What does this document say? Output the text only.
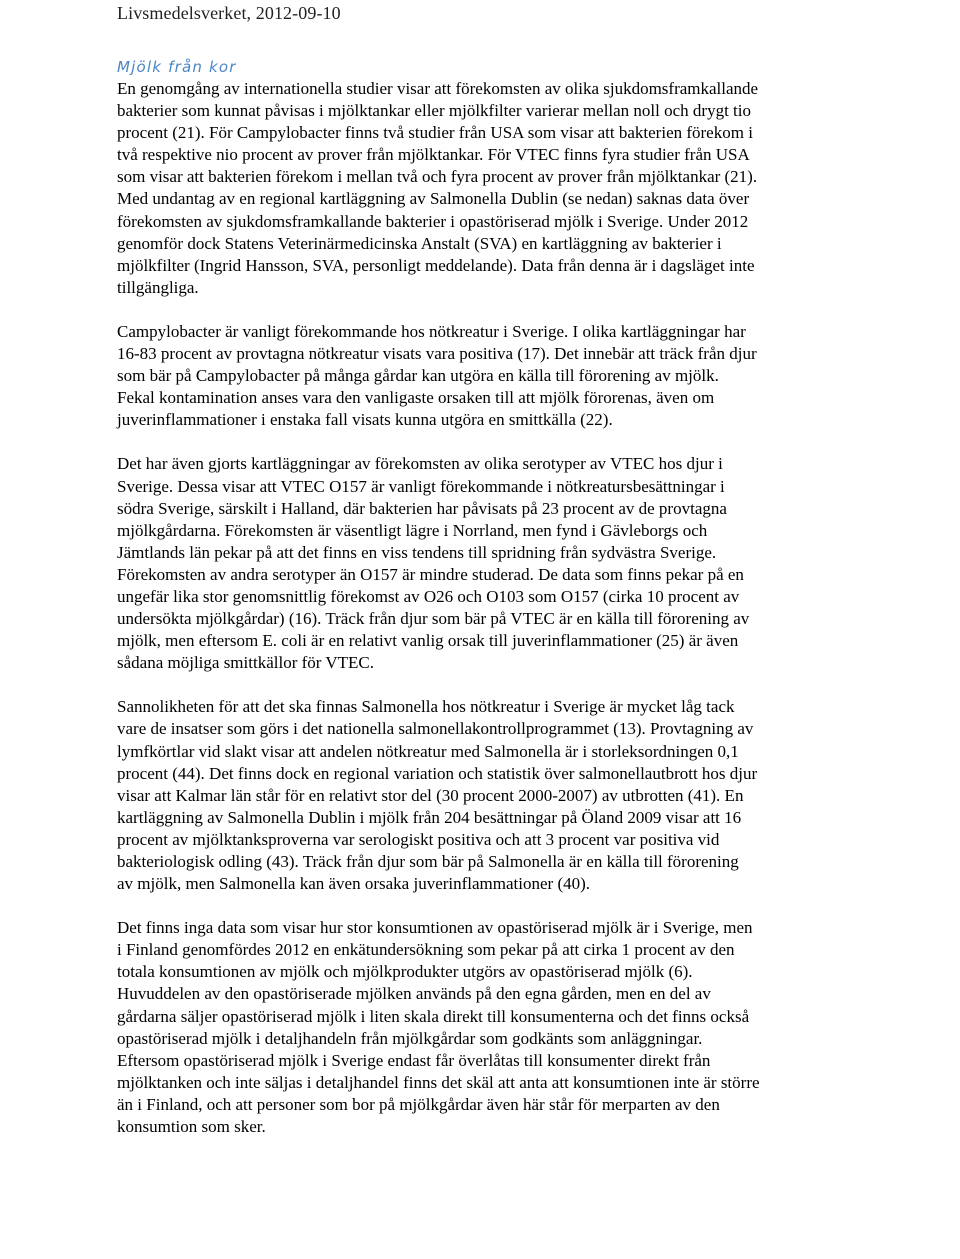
Livsmedelsverket, 2012-09-10
Mjölk från kor

En genomgång av internationella studier visar att förekomsten av olika sjukdomsframkallande
bakterier som kunnat påvisas i mjölktankar eller mjölkfilter varierar mellan noll och drygt tio
procent (21). För Campylobacter finns två studier från USA som visar att bakterien förekom i
två respektive nio procent av prover från mjölktankar. För VTEC finns fyra studier från USA
som visar att bakterien förekom i mellan två och fyra procent av prover från mjölktankar (21).
Med undantag av en regional kartläggning av Salmonella Dublin (se nedan) saknas data över
förekomsten av sjukdomsframkallande bakterier i opastöriserad mjölk i Sverige. Under 2012
genomför dock Statens Veterinärmedicinska Anstalt (SVA) en kartläggning av bakterier i
mjölkfilter (Ingrid Hansson, SVA, personligt meddelande). Data från denna är i dagsläget inte
tillgängliga.

Campylobacter är vanligt förekommande hos nötkreatur i Sverige. I olika kartläggningar har
16-83 procent av provtagna nötkreatur visats vara positiva (17). Det innebär att träck från djur
som bär på Campylobacter på många gårdar kan utgöra en källa till förorening av mjölk.
Fekal kontamination anses vara den vanligaste orsaken till att mjölk förorenas, även om
juverinflammationer i enstaka fall visats kunna utgöra en smittkälla (22).

Det har även gjorts kartläggningar av förekomsten av olika serotyper av VTEC hos djur i
Sverige. Dessa visar att VTEC O157 är vanligt förekommande i nötkreatursbesättningar i
södra Sverige, särskilt i Halland, där bakterien har påvisats på 23 procent av de provtagna
mjölkgårdarna. Förekomsten är väsentligt lägre i Norrland, men fynd i Gävleborgs och
Jämtlands län pekar på att det finns en viss tendens till spridning från sydvästra Sverige.
Förekomsten av andra serotyper än O157 är mindre studerad. De data som finns pekar på en
ungefär lika stor genomsnittlig förekomst av O26 och O103 som O157 (cirka 10 procent av
undersökta mjölkgårdar) (16). Träck från djur som bär på VTEC är en källa till förorening av
mjölk, men eftersom E. coli är en relativt vanlig orsak till juverinflammationer (25) är även
sådana möjliga smittkällor för VTEC.

Sannolikheten för att det ska finnas Salmonella hos nötkreatur i Sverige är mycket låg tack
vare de insatser som görs i det nationella salmonellakontrollprogrammet (13). Provtagning av
lymfkörtlar vid slakt visar att andelen nötkreatur med Salmonella är i storleksordningen 0,1
procent (44). Det finns dock en regional variation och statistik över salmonellautbrott hos djur
visar att Kalmar län står för en relativt stor del (30 procent 2000-2007) av utbrotten (41). En
kartläggning av Salmonella Dublin i mjölk från 204 besättningar på Öland 2009 visar att 16
procent av mjölktanksproverna var serologiskt positiva och att 3 procent var positiva vid
bakteriologisk odling (43). Träck från djur som bär på Salmonella är en källa till förorening
av mjölk, men Salmonella kan även orsaka juverinflammationer (40).

Det finns inga data som visar hur stor konsumtionen av opastöriserad mjölk är i Sverige, men
i Finland genomfördes 2012 en enkätundersökning som pekar på att cirka 1 procent av den
totala konsumtionen av mjölk och mjölkprodukter utgörs av opastöriserad mjölk (6).
Huvuddelen av den opastöriserade mjölken används på den egna gården, men en del av
gårdarna säljer opastöriserad mjölk i liten skala direkt till konsumenterna och det finns också
opastöriserad mjölk i detaljhandeln från mjölkgårdar som godkänts som anläggningar.
Eftersom opastöriserad mjölk i Sverige endast får överlåtas till konsumenter direkt från
mjölktanken och inte säljas i detaljhandel finns det skäl att anta att konsumtionen inte är större
än i Finland, och att personer som bor på mjölkgårdar även här står för merparten av den
konsumtion som sker.
